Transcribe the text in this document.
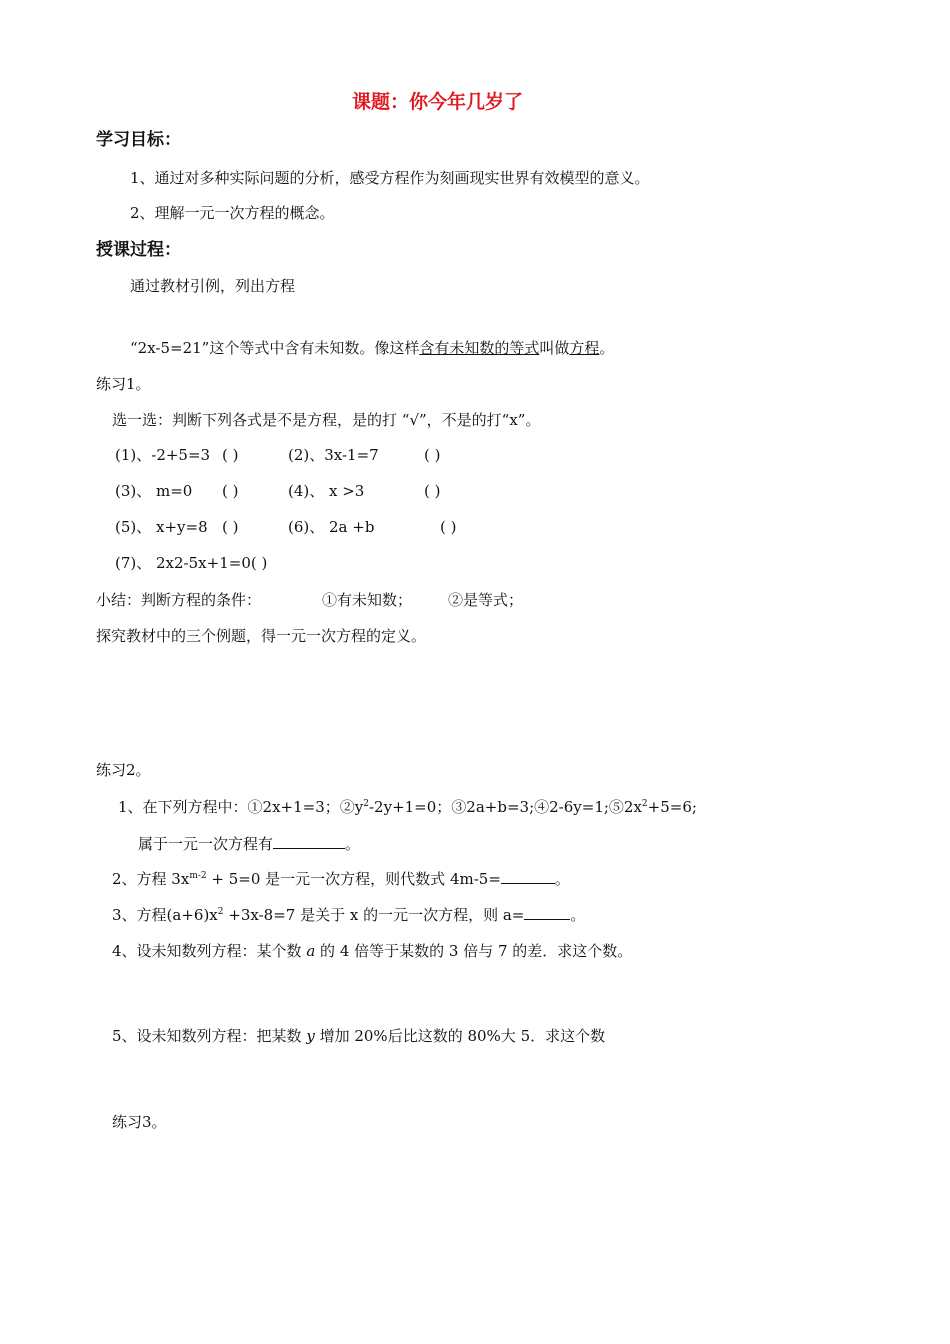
课题：你今年几岁了
学习目标：
1、通过对多种实际问题的分析，感受方程作为刻画现实世界有效模型的意义。
2、理解一元一次方程的概念。
授课过程：
通过教材引例，列出方程
“2x-5=21”这个等式中含有未知数。像这样含有未知数的等式叫做方程。
练习1。
选一选：判断下列各式是不是方程，是的打 “√”，不是的打“x”。
(1)、-2+5=3 ( )	(2)、3x-1=7	( )
(3)、 m=0 ( )	(4)、 x >3	( )
(5)、 x+y=8 ( )	(6)、 2a +b	( )
(7)、 2x2-5x+1=0( )
小结：判断方程的条件：	①有未知数； ②是等式；
探究教材中的三个例题，得一元一次方程的定义。
练习2。
1、在下列方程中：①2x+1=3；$②y^2-2y+1=0$；$③2a+b=3;④2-6y=1;⑤2x^2+5=6$;
属于一元一次方程有	。
2、方程 $3x^{m-2} + 5=0$ 是一元一次方程，则代数式 4m-5=	。
3、方程$(a+6)x^2 +3x-8=7$ 是关于 x 的一元一次方程，则 a=	。
4、设未知数列方程：某个数 a 的 4 倍等于某数的 3 倍与 7 的差．求这个数。
5、设未知数列方程：把某数 y 增加 20%后比这数的 80%大 5．求这个数
练习3。
